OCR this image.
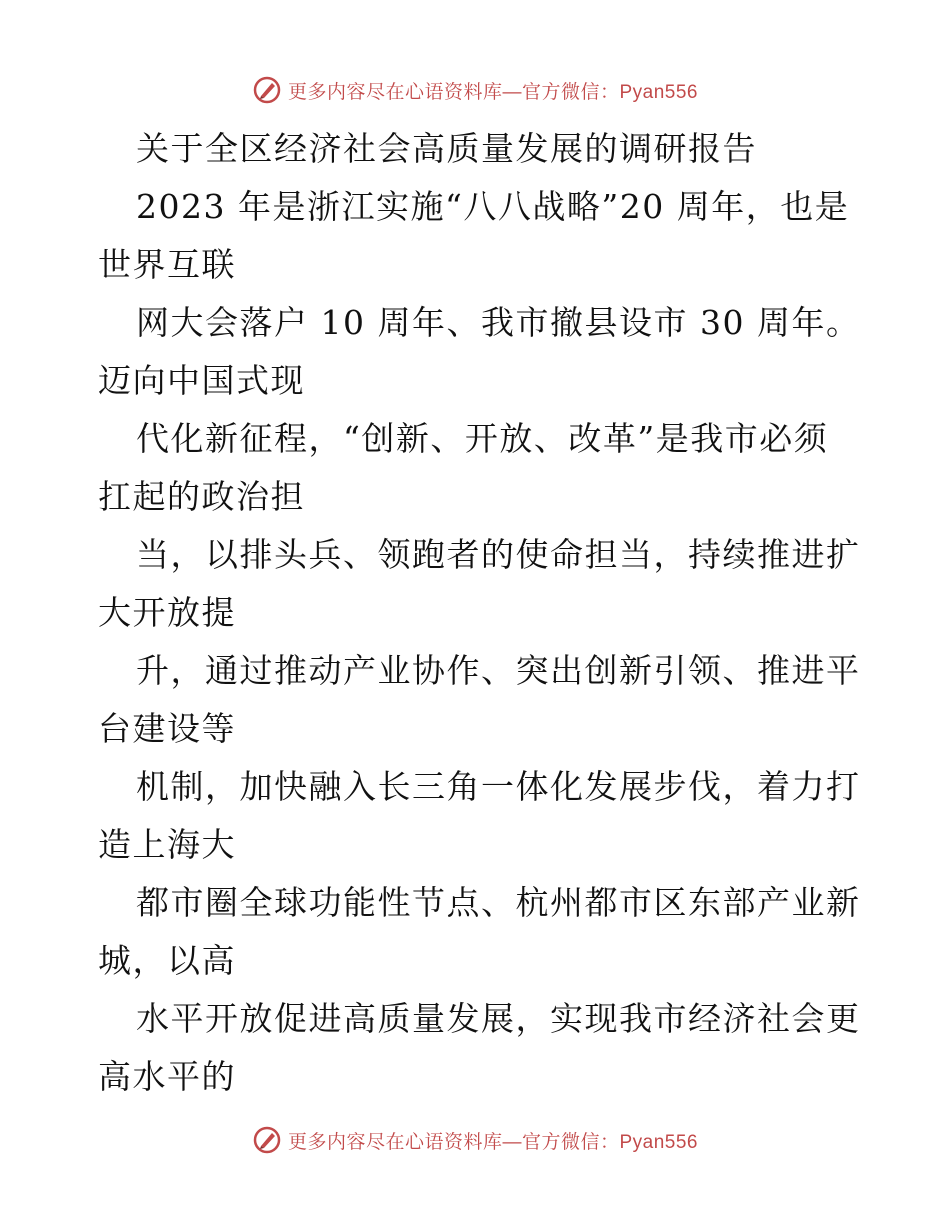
更多内容尽在心语资料库—官方微信：Pyan556
关于全区经济社会高质量发展的调研报告
2023 年是浙江实施“八八战略”20 周年，也是
世界互联
网大会落户 10 周年、我市撤县设市 30 周年。
迈向中国式现
代化新征程，“创新、开放、改革”是我市必须
扛起的政治担
当，以排头兵、领跑者的使命担当，持续推进扩
大开放提
升，通过推动产业协作、突出创新引领、推进平
台建设等
机制，加快融入长三角一体化发展步伐，着力打
造上海大
都市圈全球功能性节点、杭州都市区东部产业新
城，以高
水平开放促进高质量发展，实现我市经济社会更
高水平的
更多内容尽在心语资料库—官方微信：Pyan556
